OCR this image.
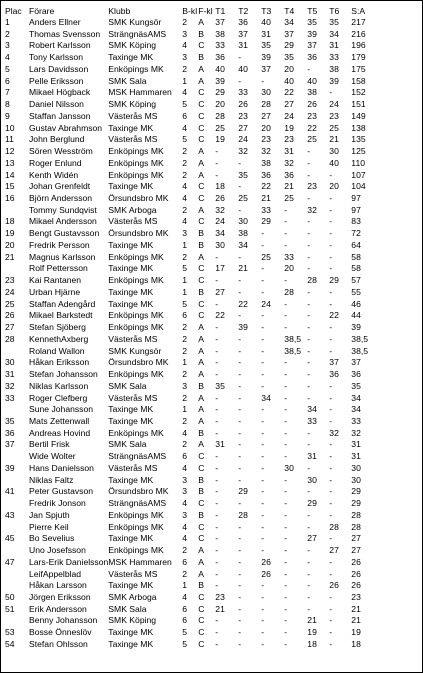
Plac	Förare	Klubb	B-kl	F-kl	T1	T2	T3	T4	T5	T6	S:A
1	Anders Ellner	SMK Kungsör	2	A	37	36	40	34	35	35	217
2	Thomas Svensson	SträngnäsAMS	3	B	38	37	31	37	39	34	216
3	Robert Karlsson	SMK Köping	4	C	33	31	35	29	37	31	196
4	Tony Karlsson	Taxinge MK	3	B	36	-	39	35	36	33	179
5	Lars Davidsson	Enköpings MK	2	A	40	40	37	20	-	38	175
6	Pelle Eriksson	SMK Sala	1	A	39	-	-	40	40	39	158
7	Mikael Högback	MSK Hammaren	4	C	29	33	30	22	38	-	152
8	Daniel Nilsson	SMK Köping	5	C	20	26	28	27	26	24	151
9	Staffan Jansson	Västerås MS	6	C	28	23	27	24	23	23	149
10	Gustav Abrahmson	Taxinge MK	4	C	25	27	20	19	22	25	138
11	John Berglund	Västerås MS	5	C	19	24	23	23	25	21	135
12	Sören Wesström	Enköpings MK	2	A	-	32	32	31	-	30	125
13	Roger Enlund	Enköpings MK	2	A	-	-	38	32	-	40	110
14	Kenth Widén	Enköpings MK	2	A	-	35	36	36	-	-	107
15	Johan Grenfeldt	Taxinge MK	4	C	18	-	22	21	23	20	104
16	Björn Andersson	Örsundsbro MK	4	C	26	25	21	25	-	-	97
	Tommy Sundqvist	SMK Arboga	2	A	32	-	33	-	32	-	97
18	Mikael Andersson	Västerås MS	4	C	24	30	29	-	-	-	83
19	Bengt Gustavsson	Örsundsbro MK	3	B	34	38	-	-	-	-	72
20	Fredrik Persson	Taxinge MK	1	B	30	34	-	-	-	-	64
21	Magnus Karlsson	Enköpings MK	2	A	-	-	25	33	-	-	58
	Rolf Pettersson	Taxinge MK	5	C	17	21	-	20	-	-	58
23	Kai Rantanen	Enköpings MK	1	C	-	-	-	-	28	29	57
24	Urban Hjärne	Taxinge MK	1	B	27	-	-	28	-	-	55
25	Staffan Adengård	Taxinge MK	5	C	-	22	24	-	-	-	46
26	Mikael Barkstedt	Enköpings MK	6	C	22	-	-	-	-	22	44
27	Stefan Sjöberg	Enköpings MK	2	A	-	39	-	-	-	-	39
28	KennethAxberg	Västerås MS	2	A	-	-	-	38,5	-	-	38,5
	Roland Wallon	SMK Kungsör	2	A	-	-	-	38,5	-	-	38,5
30	Håkan Eriksson	Örsundsbro MK	1	A	-	-	-	-	-	37	37
31	Stefan Johansson	Enköpings MK	2	A	-	-	-	-	-	36	36
32	Niklas Karlsson	SMK Sala	3	B	35	-	-	-	-	-	35
33	Roger Clefberg	Västerås MS	2	A	-	-	34	-	-	-	34
	Sune Johansson	Taxinge MK	1	A	-	-	-	-	34	-	34
35	Mats Zettenwall	Taxinge MK	2	A	-	-	-	-	33	-	33
36	Andreas Hovind	Enköpings MK	4	B	-	-	-	-	-	32	32
37	Bertil Frisk	SMK Sala	2	A	31	-	-	-	-	-	31
	Wide Wolter	SträngnäsAMS	6	C	-	-	-	-	31	-	31
39	Hans Danielsson	Västerås MS	4	C	-	-	-	30	-	-	30
	Niklas Faltz	Taxinge MK	3	B	-	-	-	-	30	-	30
41	Peter Gustavson	Örsundsbro MK	3	B	-	29	-	-	-	-	29
	Fredrik Jonson	SträngnäsAMS	4	C	-	-	-	-	29	-	29
43	Jan Spjuth	Enköpings MK	3	B	-	28	-	-	-	-	28
	Pierre Keil	Enköpings MK	4	C	-	-	-	-	-	28	28
45	Bo Sevelius	Taxinge MK	4	C	-	-	-	-	27	-	27
	Uno Josefsson	Enköpings MK	2	A	-	-	-	-	-	27	27
47	Lars-Erik Danielsson	MSK Hammaren	6	A	-	-	26	-	-	-	26
	LeifAppelblad	Västerås MS	2	A	-	-	26	-	-	-	26
	Håkan Larsson	Taxinge MK	1	B	-	-	-	-	-	26	26
50	Jörgen Eriksson	SMK Arboga	4	C	23	-	-	-	-	-	23
51	Erik Andersson	SMK Sala	6	C	21	-	-	-	-	-	21
	Benny Johansson	SMK Köping	6	C	-	-	-	-	21	-	21
53	Bosse Önneslöv	Taxinge MK	5	C	-	-	-	-	19	-	19
54	Stefan Ohlsson	Taxinge MK	5	C	-	-	-	-	18	-	18
